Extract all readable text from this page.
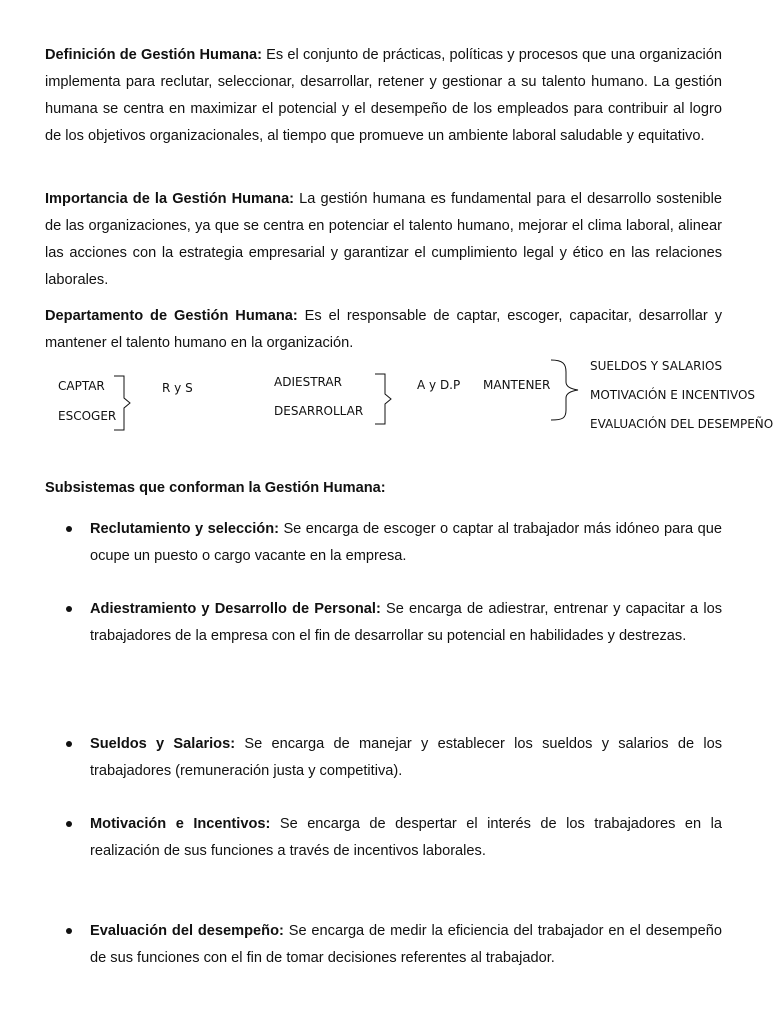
Definición de Gestión Humana: Es el conjunto de prácticas, políticas y procesos que una organización implementa para reclutar, seleccionar, desarrollar, retener y gestionar a su talento humano. La gestión humana se centra en maximizar el potencial y el desempeño de los empleados para contribuir al logro de los objetivos organizacionales, al tiempo que promueve un ambiente laboral saludable y equitativo.

Importancia de la Gestión Humana: La gestión humana es fundamental para el desarrollo sostenible de las organizaciones, ya que se centra en potenciar el talento humano, mejorar el clima laboral, alinear las acciones con la estrategia empresarial y garantizar el cumplimiento legal y ético en las relaciones laborales.

Departamento de Gestión Humana: Es el responsable de captar, escoger, capacitar, desarrollar y mantener el talento humano en la organización.

CAPTAR
ESCOGER
R y S	ADIESTRAR
DESARROLLAR
A y D.P MANTENER
SUELDOS Y SALARIOS
MOTIVACIÓN E INCENTIVOS
EVALUACIÓN DEL DESEMPEÑO
Subsistemas que conforman la Gestión Humana:
Reclutamiento y selección: Se encarga de escoger o captar al trabajador más idóneo para que ocupe un puesto o cargo vacante en la empresa.
Adiestramiento y Desarrollo de Personal: Se encarga de adiestrar, entrenar y capacitar a los trabajadores de la empresa con el fin de desarrollar su potencial en habilidades y destrezas.
Sueldos y Salarios: Se encarga de manejar y establecer los sueldos y salarios de los trabajadores (remuneración justa y competitiva).
Motivación e Incentivos: Se encarga de despertar el interés de los trabajadores en la realización de sus funciones a través de incentivos laborales.
Evaluación del desempeño: Se encarga de medir la eficiencia del trabajador en el desempeño de sus funciones con el fin de tomar decisiones referentes al trabajador.
